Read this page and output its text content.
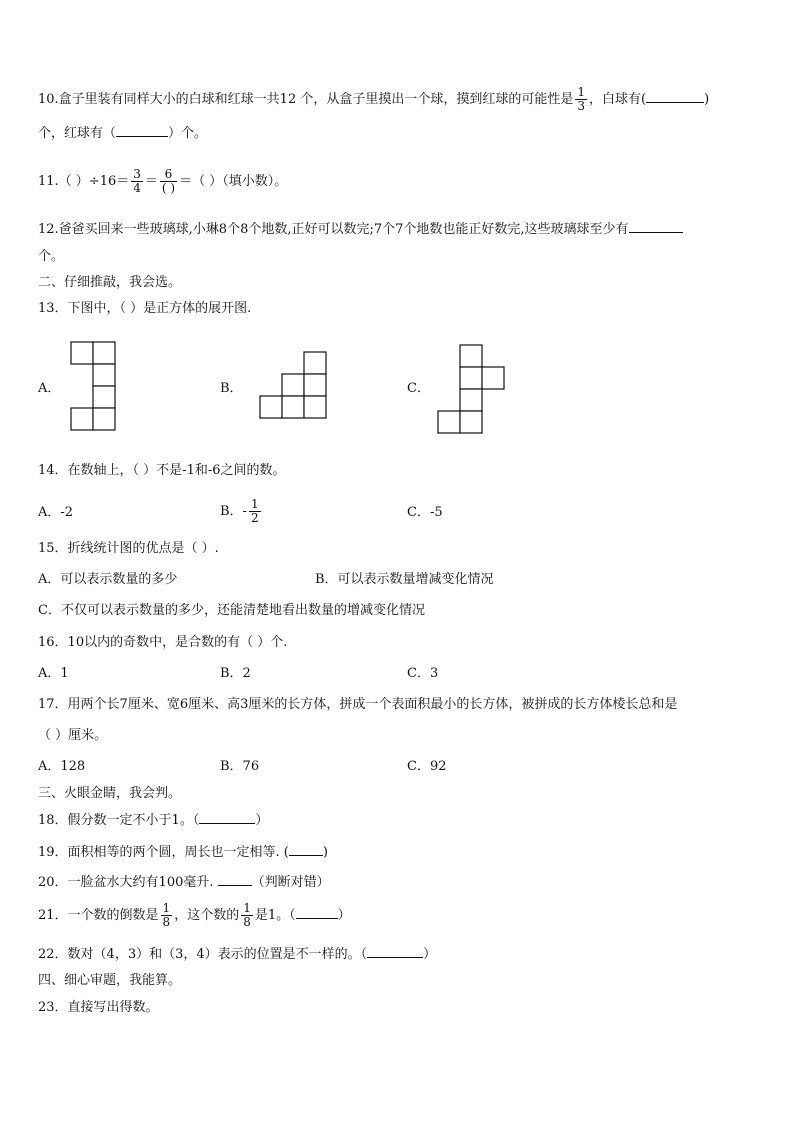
10.盒子里装有同样大小的白球和红球一共12 个，从盒子里摸出一个球，摸到红球的可能性是 $\frac{1}{3}$ ，白球有(	)
个，红球有（	）个。
11.（ ）$\div 16= \frac{3}{4} = \frac{6}{( )}$ ＝（ ）（填小数）。
12.爸爸买回来一些玻璃球,小琳8个8个地数,正好可以数完;7个7个地数也能正好数完,这些玻璃球至少有
个。
二、仔细推敲，我会选。
13．下图中，（ ）是正方体的展开图.
A．	B．	C．
14．在数轴上，（ ）不是-1和-6之间的数。
A．-2	B．- $\frac{1}{2}$	C．-5
15．折线统计图的优点是（ ）.
A．可以表示数量的多少	B．可以表示数量增减变化情况
C．不仅可以表示数量的多少，还能清楚地看出数量的增减变化情况
16．10以内的奇数中，是合数的有（ ）个.
A．1	B．2	C．3
17．用两个长7厘米、宽6厘米、高3厘米的长方体，拼成一个表面积最小的长方体，被拼成的长方体棱长总和是
（ ）厘米。
A．128	B．76	C．92
三、火眼金睛，我会判。
18．假分数一定不小于1。（	）
19．面积相等的两个圆，周长也一定相等. (	)
20．一脸盆水大约有100毫升.	（判断对错）
21．一个数的倒数是 $\frac{1}{8}$ ，这个数的 $\frac{1}{8}$ 是1。（	）
22．数对（4，3）和（3，4）表示的位置是不一样的。（	）
四、细心审题，我能算。
23．直接写出得数。
